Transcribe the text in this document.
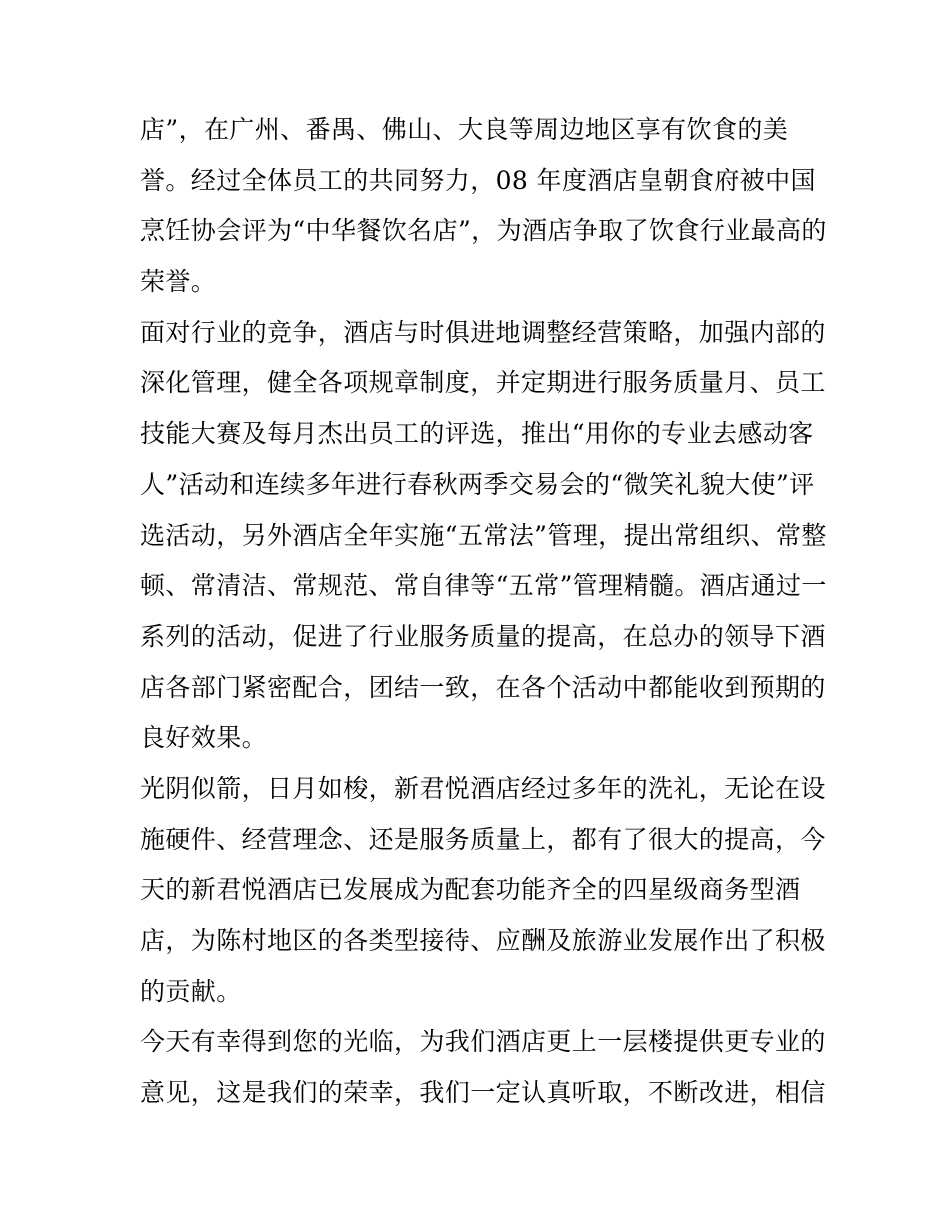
店”，在广州、番禺、佛山、大良等周边地区享有饮食的美
誉。经过全体员工的共同努力，08 年度酒店皇朝食府被中国
烹饪协会评为“中华餐饮名店”，为酒店争取了饮食行业最高的
荣誉。
面对行业的竞争，酒店与时俱进地调整经营策略，加强内部的
深化管理，健全各项规章制度，并定期进行服务质量月、员工
技能大赛及每月杰出员工的评选，推出“用你的专业去感动客
人”活动和连续多年进行春秋两季交易会的“微笑礼貌大使”评
选活动，另外酒店全年实施“五常法”管理，提出常组织、常整
顿、常清洁、常规范、常自律等“五常”管理精髓。酒店通过一
系列的活动，促进了行业服务质量的提高，在总办的领导下酒
店各部门紧密配合，团结一致，在各个活动中都能收到预期的
良好效果。
光阴似箭，日月如梭，新君悦酒店经过多年的洗礼，无论在设
施硬件、经营理念、还是服务质量上，都有了很大的提高，今
天的新君悦酒店已发展成为配套功能齐全的四星级商务型酒
店，为陈村地区的各类型接待、应酬及旅游业发展作出了积极
的贡献。
今天有幸得到您的光临，为我们酒店更上一层楼提供更专业的
意见，这是我们的荣幸，我们一定认真听取，不断改进，相信
